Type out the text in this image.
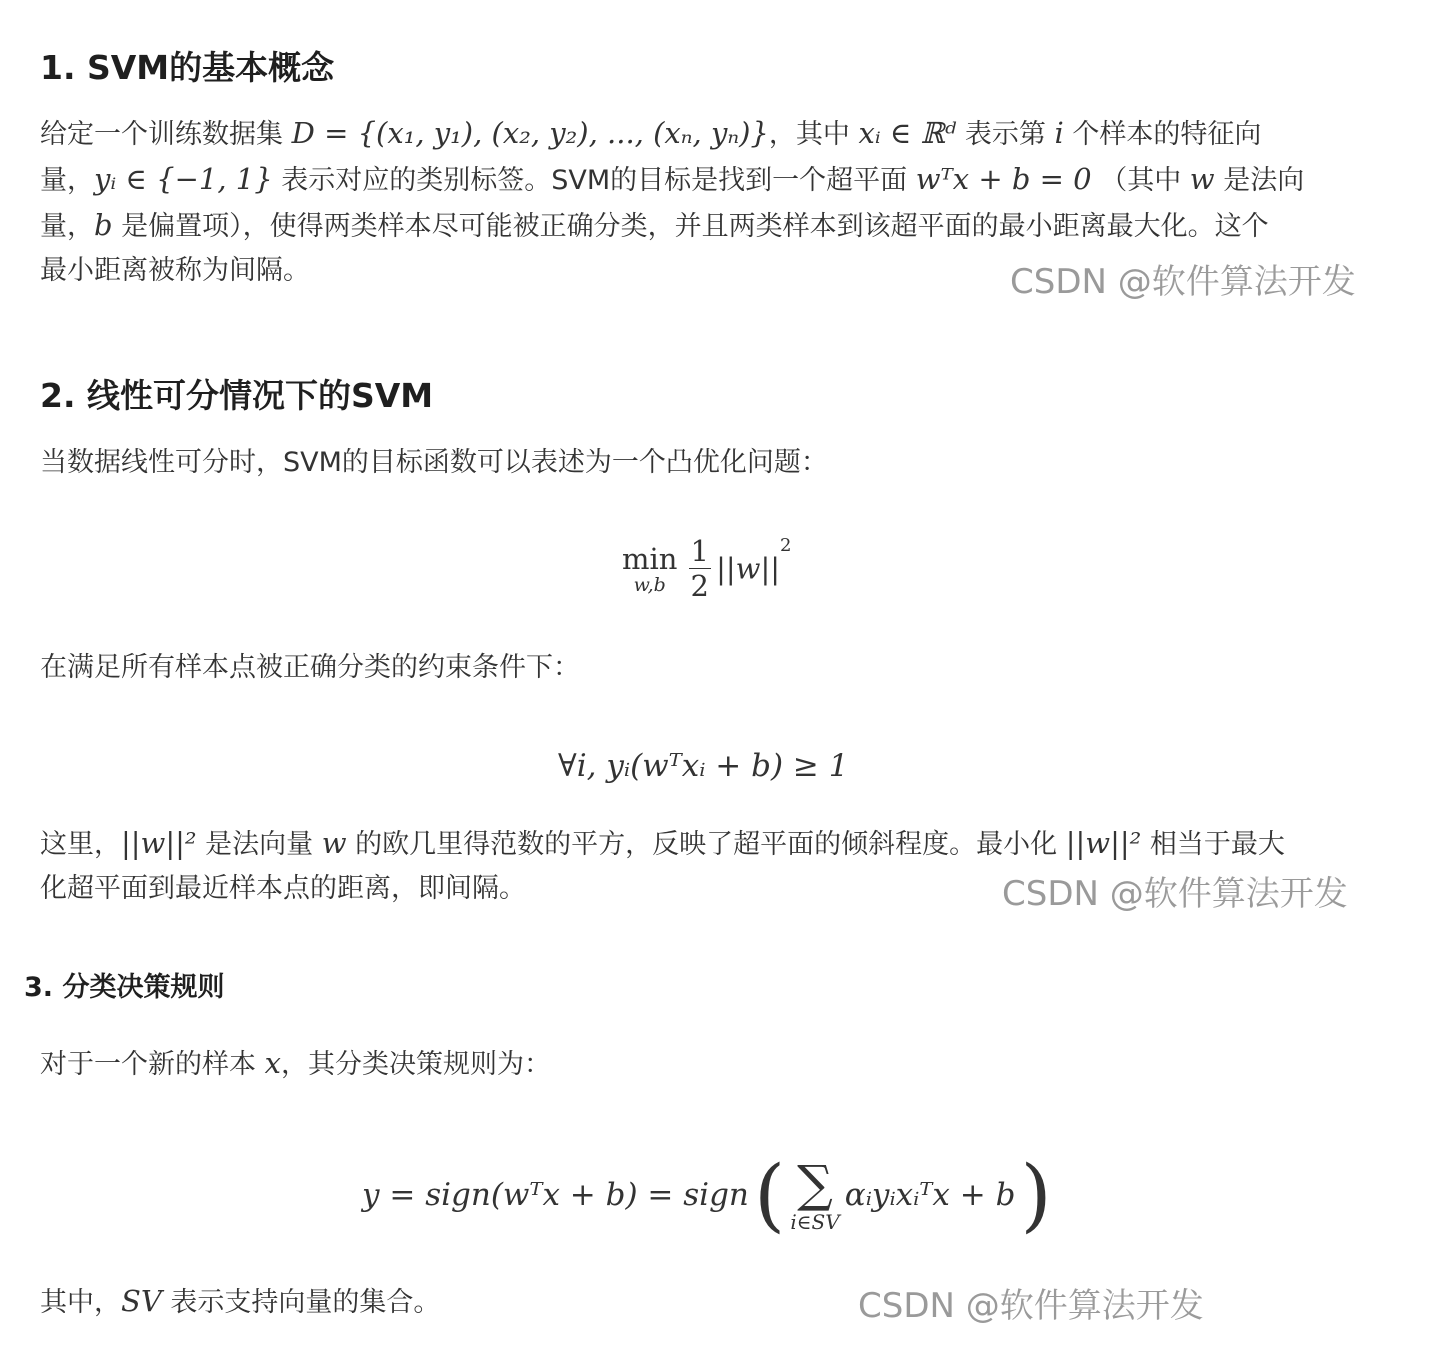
1. SVM的基本概念
给定一个训练数据集 D = {(x₁, y₁), (x₂, y₂), ..., (xₙ, yₙ)}，其中 xᵢ ∈ ℝᵈ 表示第 i 个样本的特征向
量，yᵢ ∈ {−1, 1} 表示对应的类别标签。SVM的目标是找到一个超平面 wᵀx + b = 0 （其中 w 是法向
量，b 是偏置项），使得两类样本尽可能被正确分类，并且两类样本到该超平面的最小距离最大化。这个
最小距离被称为间隔。	CSDN @软件算法开发
2. 线性可分情况下的SVM
当数据线性可分时，SVM的目标函数可以表述为一个凸优化问题：
min
w,b
$\frac{1}{2} ||w||^2$
在满足所有样本点被正确分类的约束条件下：
∀i, yᵢ(wᵀxᵢ + b) ≥ 1
这里，||w||² 是法向量 w 的欧几里得范数的平方，反映了超平面的倾斜程度。最小化 ||w||² 相当于最大
化超平面到最近样本点的距离，即间隔。	CSDN @软件算法开发
3. 分类决策规则
对于一个新的样本 x，其分类决策规则为：
y = sign(wᵀx + b) = sign ( ∑
i∈SV
αᵢyᵢxᵢᵀx + b )
其中，SV 表示支持向量的集合。	CSDN @软件算法开发
